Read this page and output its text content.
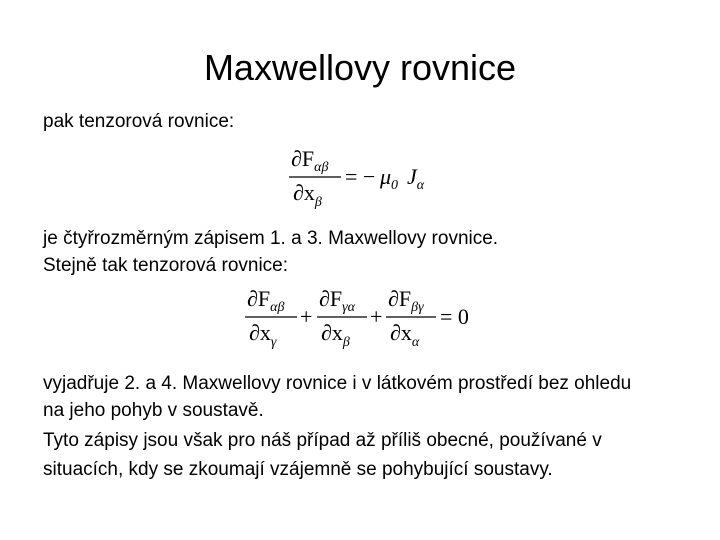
Maxwellovy rovnice
pak tenzorová rovnice:
$\partial F_{\alpha\beta}$
$\partial x_\beta$
= − $\mu_0$ $J_\alpha$
je čtyřrozměrným zápisem 1. a 3. Maxwellovy rovnice.
Stejně tak tenzorová rovnice:
$\partial F_{\alpha\beta}$
$\partial x_\gamma$
+
$\partial F_{\gamma\alpha}$
$\partial x_\beta$
+
$\partial F_{\beta\gamma}$
$\partial x_\alpha$
= 0
vyjadřuje 2. a 4. Maxwellovy rovnice i v látkovém prostředí bez ohledu
na jeho pohyb v soustavě.
Tyto zápisy jsou však pro náš případ až příliš obecné, používané v
situacích, kdy se zkoumají vzájemně se pohybující soustavy.
